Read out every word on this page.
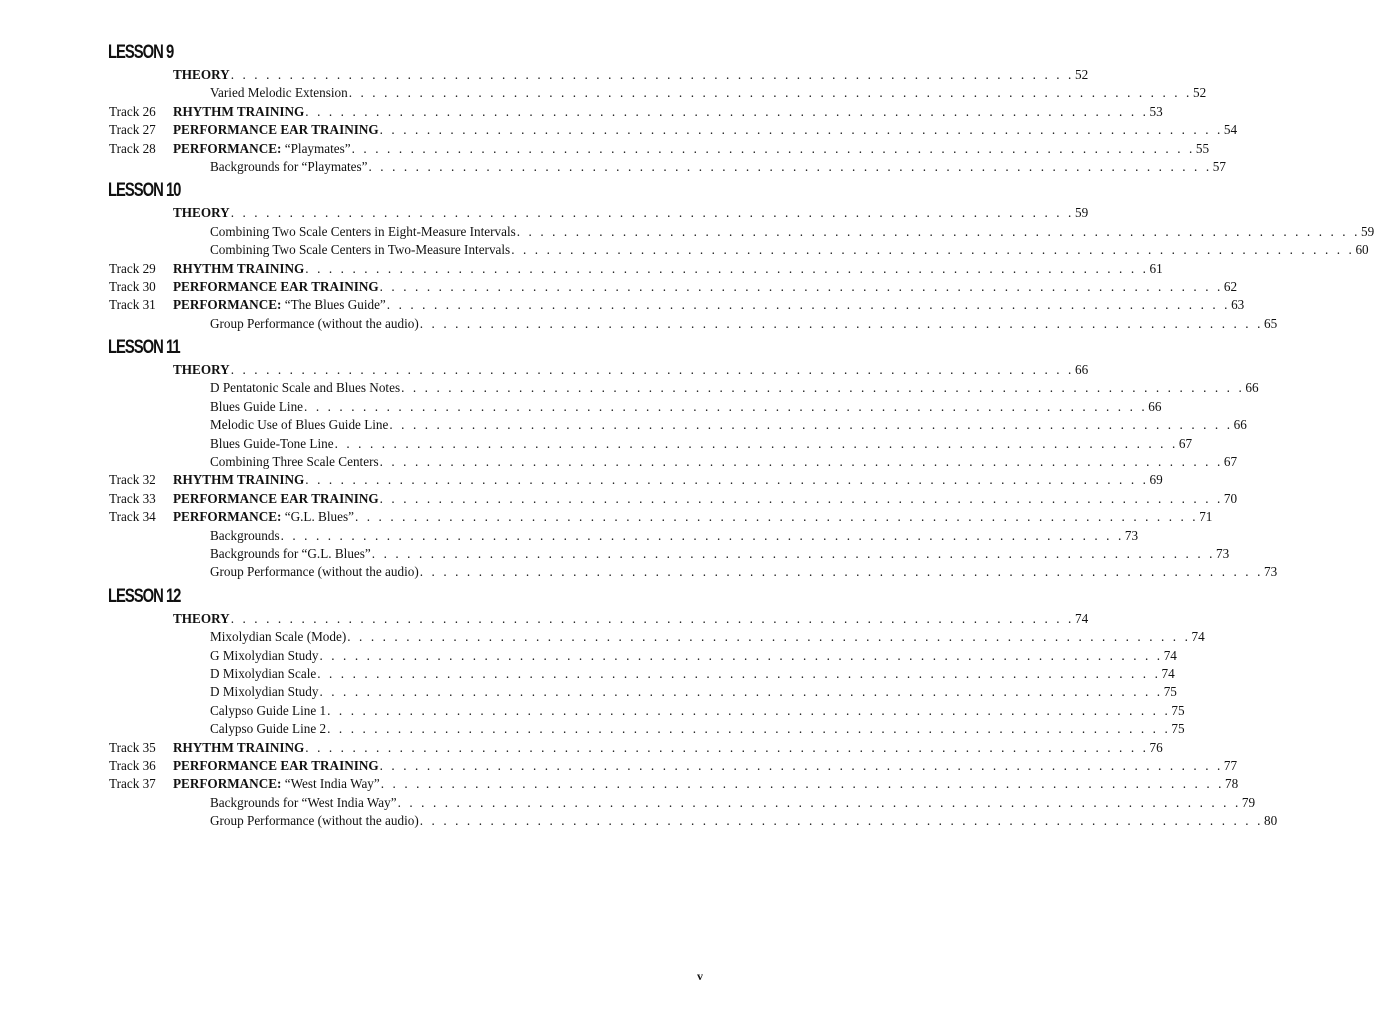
LESSON 9
THEORY . . . . . . . . . . . . . . . . . . . . . . . . . . . . . . . . . . . . . . . . . . . . . . . . . . . . . . . . . . . . . . . . . . . . . . . . 52
Varied Melodic Extension . . . . . . . . . . . . . . . . . . . . . . . . . . . . . . . . . . . . . . . . . . . . . . . . . . . . . . . . . . . . . . . . . . . . . . . . 52
Track 26 RHYTHM TRAINING . . . . . . . . . . . . . . . . . . . . . . . . . . . . . . . . . . . . . . . . . . . . . . . . . . . . . . . . . . . . . . . . . . . . . . . . 53
Track 27 PERFORMANCE EAR TRAINING . . . . . . . . . . . . . . . . . . . . . . . . . . . . . . . . . . . . . . . . . . . . . . . . . . . . . . . . . . . . . . . . . . . . . . . . 54
Track 28 PERFORMANCE: “Playmates” . . . . . . . . . . . . . . . . . . . . . . . . . . . . . . . . . . . . . . . . . . . . . . . . . . . . . . . . . . . . . . . . . . . . . . . . 55
Backgrounds for “Playmates” . . . . . . . . . . . . . . . . . . . . . . . . . . . . . . . . . . . . . . . . . . . . . . . . . . . . . . . . . . . . . . . . . . . . . . . . 57
LESSON 10
THEORY . . . . . . . . . . . . . . . . . . . . . . . . . . . . . . . . . . . . . . . . . . . . . . . . . . . . . . . . . . . . . . . . . . . . . . . . 59
Combining Two Scale Centers in Eight-Measure Intervals . . . . . . . . . . . . . . . . . . . . . . . . . . . . . . . . . . . . . . . . . . . . . . . . . . . . . . . . . . . . . . . . . . . . . . . . 59
Combining Two Scale Centers in Two-Measure Intervals . . . . . . . . . . . . . . . . . . . . . . . . . . . . . . . . . . . . . . . . . . . . . . . . . . . . . . . . . . . . . . . . . . . . . . . . 60
Track 29 RHYTHM TRAINING . . . . . . . . . . . . . . . . . . . . . . . . . . . . . . . . . . . . . . . . . . . . . . . . . . . . . . . . . . . . . . . . . . . . . . . . 61
Track 30 PERFORMANCE EAR TRAINING . . . . . . . . . . . . . . . . . . . . . . . . . . . . . . . . . . . . . . . . . . . . . . . . . . . . . . . . . . . . . . . . . . . . . . . . 62
Track 31 PERFORMANCE: “The Blues Guide” . . . . . . . . . . . . . . . . . . . . . . . . . . . . . . . . . . . . . . . . . . . . . . . . . . . . . . . . . . . . . . . . . . . . . . . . 63
Group Performance (without the audio) . . . . . . . . . . . . . . . . . . . . . . . . . . . . . . . . . . . . . . . . . . . . . . . . . . . . . . . . . . . . . . . . . . . . . . . . 65
LESSON 11
THEORY . . . . . . . . . . . . . . . . . . . . . . . . . . . . . . . . . . . . . . . . . . . . . . . . . . . . . . . . . . . . . . . . . . . . . . . . 66
D Pentatonic Scale and Blues Notes . . . . . . . . . . . . . . . . . . . . . . . . . . . . . . . . . . . . . . . . . . . . . . . . . . . . . . . . . . . . . . . . . . . . . . . . 66
Blues Guide Line . . . . . . . . . . . . . . . . . . . . . . . . . . . . . . . . . . . . . . . . . . . . . . . . . . . . . . . . . . . . . . . . . . . . . . . . 66
Melodic Use of Blues Guide Line . . . . . . . . . . . . . . . . . . . . . . . . . . . . . . . . . . . . . . . . . . . . . . . . . . . . . . . . . . . . . . . . . . . . . . . . 66
Blues Guide-Tone Line . . . . . . . . . . . . . . . . . . . . . . . . . . . . . . . . . . . . . . . . . . . . . . . . . . . . . . . . . . . . . . . . . . . . . . . . 67
Combining Three Scale Centers . . . . . . . . . . . . . . . . . . . . . . . . . . . . . . . . . . . . . . . . . . . . . . . . . . . . . . . . . . . . . . . . . . . . . . . . 67
Track 32 RHYTHM TRAINING . . . . . . . . . . . . . . . . . . . . . . . . . . . . . . . . . . . . . . . . . . . . . . . . . . . . . . . . . . . . . . . . . . . . . . . . 69
Track 33 PERFORMANCE EAR TRAINING . . . . . . . . . . . . . . . . . . . . . . . . . . . . . . . . . . . . . . . . . . . . . . . . . . . . . . . . . . . . . . . . . . . . . . . . 70
Track 34 PERFORMANCE: “G.L. Blues” . . . . . . . . . . . . . . . . . . . . . . . . . . . . . . . . . . . . . . . . . . . . . . . . . . . . . . . . . . . . . . . . . . . . . . . . 71
Backgrounds . . . . . . . . . . . . . . . . . . . . . . . . . . . . . . . . . . . . . . . . . . . . . . . . . . . . . . . . . . . . . . . . . . . . . . . . 73
Backgrounds for “G.L. Blues” . . . . . . . . . . . . . . . . . . . . . . . . . . . . . . . . . . . . . . . . . . . . . . . . . . . . . . . . . . . . . . . . . . . . . . . . 73
Group Performance (without the audio) . . . . . . . . . . . . . . . . . . . . . . . . . . . . . . . . . . . . . . . . . . . . . . . . . . . . . . . . . . . . . . . . . . . . . . . . 73
LESSON 12
THEORY . . . . . . . . . . . . . . . . . . . . . . . . . . . . . . . . . . . . . . . . . . . . . . . . . . . . . . . . . . . . . . . . . . . . . . . . 74
Mixolydian Scale (Mode) . . . . . . . . . . . . . . . . . . . . . . . . . . . . . . . . . . . . . . . . . . . . . . . . . . . . . . . . . . . . . . . . . . . . . . . . 74
G Mixolydian Study . . . . . . . . . . . . . . . . . . . . . . . . . . . . . . . . . . . . . . . . . . . . . . . . . . . . . . . . . . . . . . . . . . . . . . . . 74
D Mixolydian Scale . . . . . . . . . . . . . . . . . . . . . . . . . . . . . . . . . . . . . . . . . . . . . . . . . . . . . . . . . . . . . . . . . . . . . . . . 74
D Mixolydian Study . . . . . . . . . . . . . . . . . . . . . . . . . . . . . . . . . . . . . . . . . . . . . . . . . . . . . . . . . . . . . . . . . . . . . . . . 75
Calypso Guide Line 1 . . . . . . . . . . . . . . . . . . . . . . . . . . . . . . . . . . . . . . . . . . . . . . . . . . . . . . . . . . . . . . . . . . . . . . . . 75
Calypso Guide Line 2 . . . . . . . . . . . . . . . . . . . . . . . . . . . . . . . . . . . . . . . . . . . . . . . . . . . . . . . . . . . . . . . . . . . . . . . . 75
Track 35 RHYTHM TRAINING . . . . . . . . . . . . . . . . . . . . . . . . . . . . . . . . . . . . . . . . . . . . . . . . . . . . . . . . . . . . . . . . . . . . . . . . 76
Track 36 PERFORMANCE EAR TRAINING . . . . . . . . . . . . . . . . . . . . . . . . . . . . . . . . . . . . . . . . . . . . . . . . . . . . . . . . . . . . . . . . . . . . . . . . 77
Track 37 PERFORMANCE: “West India Way” . . . . . . . . . . . . . . . . . . . . . . . . . . . . . . . . . . . . . . . . . . . . . . . . . . . . . . . . . . . . . . . . . . . . . . . . 78
Backgrounds for “West India Way” . . . . . . . . . . . . . . . . . . . . . . . . . . . . . . . . . . . . . . . . . . . . . . . . . . . . . . . . . . . . . . . . . . . . . . . . 79
Group Performance (without the audio) . . . . . . . . . . . . . . . . . . . . . . . . . . . . . . . . . . . . . . . . . . . . . . . . . . . . . . . . . . . . . . . . . . . . . . . . 80
v
